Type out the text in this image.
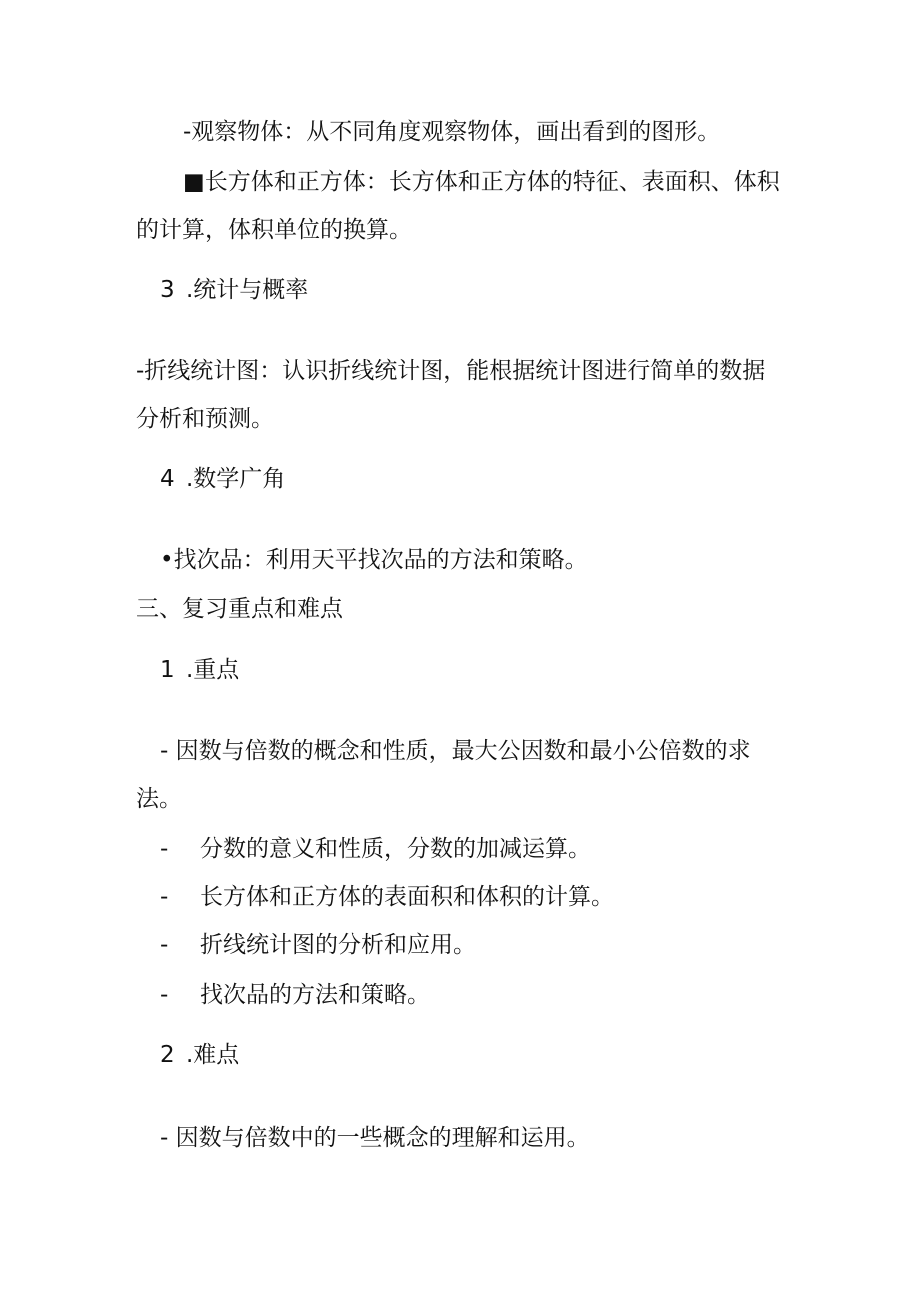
-观察物体：从不同角度观察物体，画出看到的图形。
■长方体和正方体：长方体和正方体的特征、表面积、体积
的计算，体积单位的换算。
3 .统计与概率
-折线统计图：认识折线统计图，能根据统计图进行简单的数据
分析和预测。
4 .数学广角
•找次品：利用天平找次品的方法和策略。
三、复习重点和难点
1 .重点
- 因数与倍数的概念和性质，最大公因数和最小公倍数的求
法。
- 分数的意义和性质，分数的加减运算。
- 长方体和正方体的表面积和体积的计算。
- 折线统计图的分析和应用。
- 找次品的方法和策略。
2 .难点
- 因数与倍数中的一些概念的理解和运用。
